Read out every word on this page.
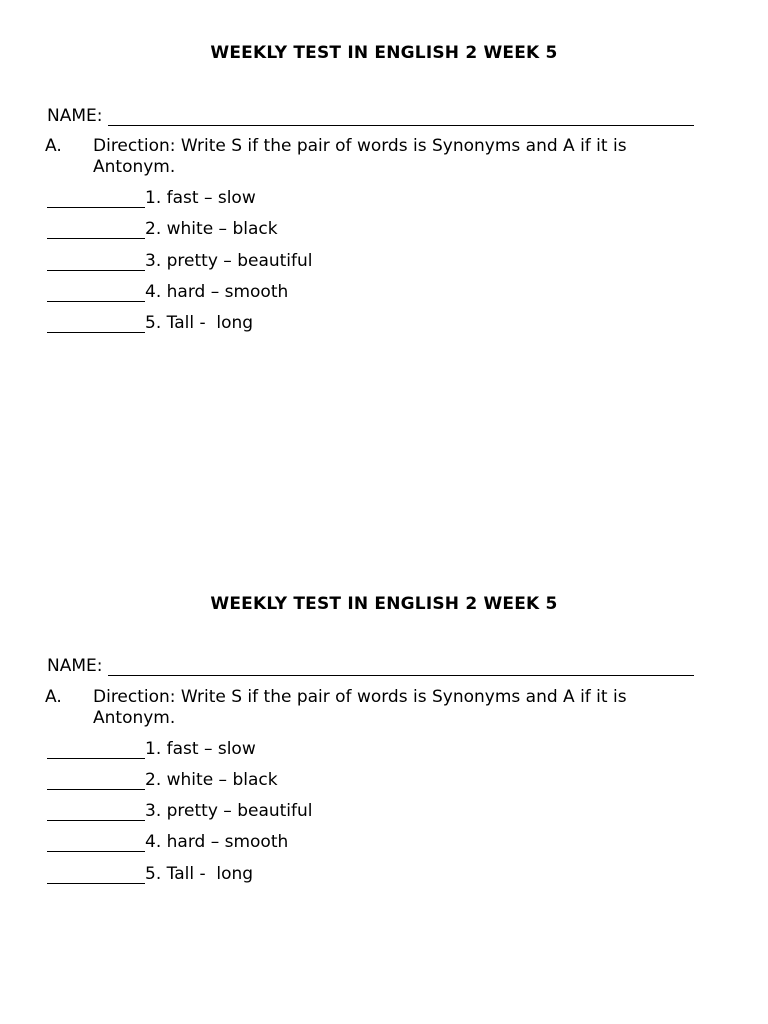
WEEKLY TEST IN ENGLISH 2 WEEK 5
NAME:
A. Direction: Write S if the pair of words is Synonyms and A if it is Antonym.
1. fast – slow
2. white – black
3. pretty – beautiful
4. hard – smooth
5. Tall -  long
WEEKLY TEST IN ENGLISH 2 WEEK 5
NAME:
A. Direction: Write S if the pair of words is Synonyms and A if it is Antonym.
1. fast – slow
2. white – black
3. pretty – beautiful
4. hard – smooth
5. Tall -  long
